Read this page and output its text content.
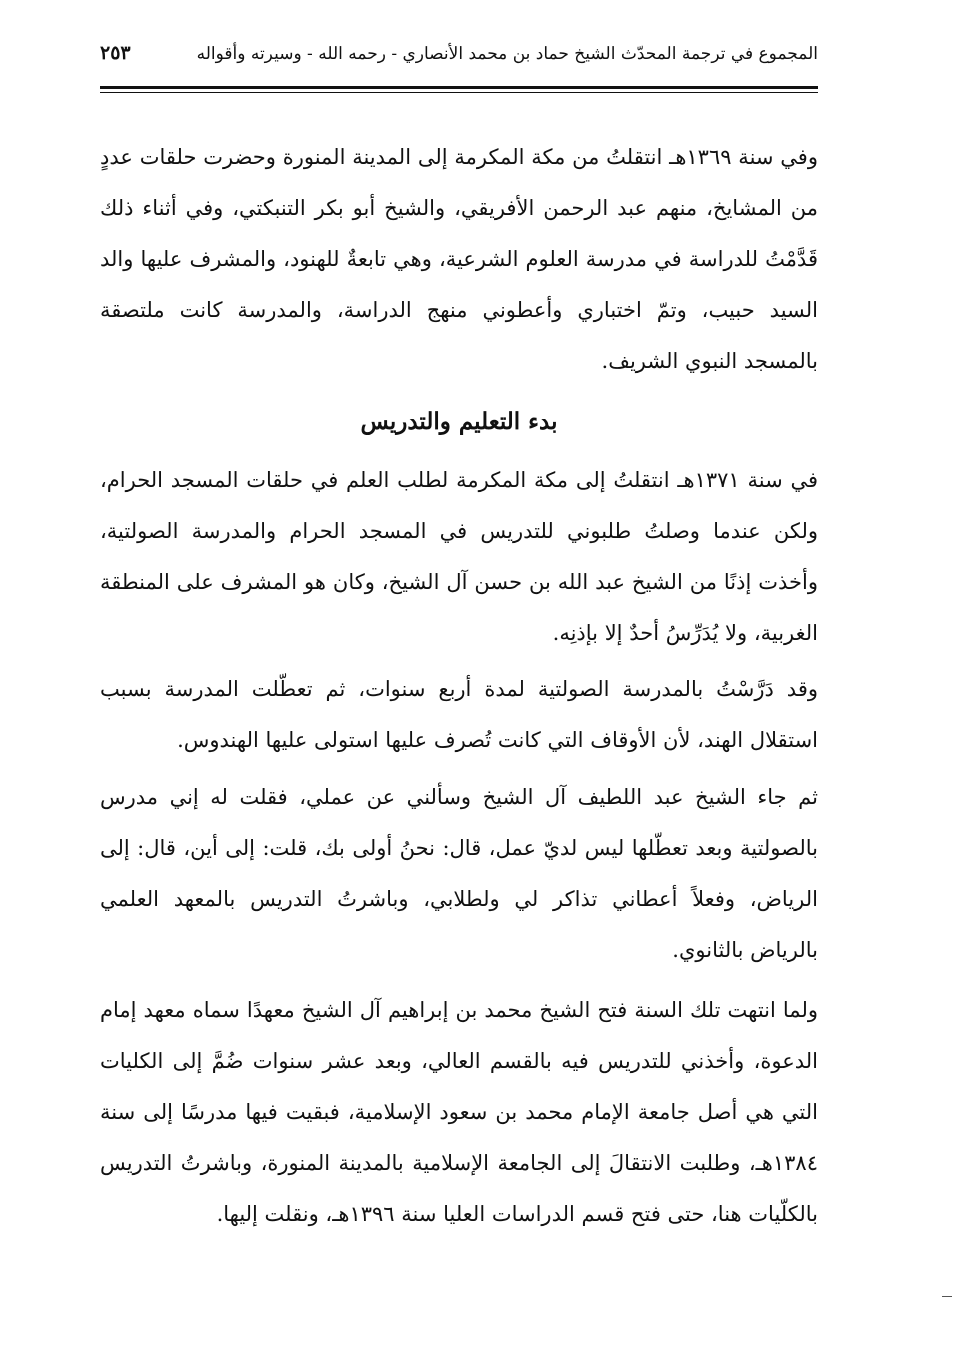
المجموع في ترجمة المحدّث الشيخ حماد بن محمد الأنصاري - رحمه الله - وسيرته وأقواله
٢٥٣

وفي سنة ١٣٦٩هـ انتقلتُ من مكة المكرمة إلى المدينة المنورة وحضرت حلقات عددٍ من المشايخ، منهم عبد الرحمن الأفريقي، والشيخ أبو بكر التنبكتي، وفي أثناء ذلك قَدَّمْتُ للدراسة في مدرسة العلوم الشرعية، وهي تابعةٌ للهنود، والمشرف عليها والد السيد حبيب، وتمّ اختباري وأعطوني منهج الدراسة، والمدرسة كانت ملتصقة بالمسجد النبوي الشريف.

بدء التعليم والتدريس

في سنة ١٣٧١هـ انتقلتُ إلى مكة المكرمة لطلب العلم في حلقات المسجد الحرام، ولكن عندما وصلتُ طلبوني للتدريس في المسجد الحرام والمدرسة الصولتية، وأخذت إذنًا من الشيخ عبد الله بن حسن آل الشيخ، وكان هو المشرف على المنطقة الغربية، ولا يُدَرِّسُ أحدٌ إلا بإذنِه.

وقد دَرَّسْتُ بالمدرسة الصولتية لمدة أربع سنوات، ثم تعطّلت المدرسة بسبب استقلال الهند، لأن الأوقاف التي كانت تُصرف عليها استولى عليها الهندوس.

ثم جاء الشيخ عبد اللطيف آل الشيخ وسألني عن عملي، فقلت له إني مدرس بالصولتية وبعد تعطّلها ليس لديّ عمل، قال: نحنُ أولى بك، قلت: إلى أين، قال: إلى الرياض، وفعلاً أعطاني تذاكر لي ولطلابي، وباشرتُ التدريس بالمعهد العلمي بالرياض بالثانوي.

ولما انتهت تلك السنة فتح الشيخ محمد بن إبراهيم آل الشيخ معهدًا سماه معهد إمام الدعوة، وأخذني للتدريس فيه بالقسم العالي، وبعد عشر سنوات ضُمَّ إلى الكليات التي هي أصل جامعة الإمام محمد بن سعود الإسلامية، فبقيت فيها مدرسًا إلى سنة ١٣٨٤هـ، وطلبت الانتقالَ إلى الجامعة الإسلامية بالمدينة المنورة، وباشرتُ التدريس بالكلّيات هنا، حتى فتح قسم الدراسات العليا سنة ١٣٩٦هـ، ونقلت إليها.
